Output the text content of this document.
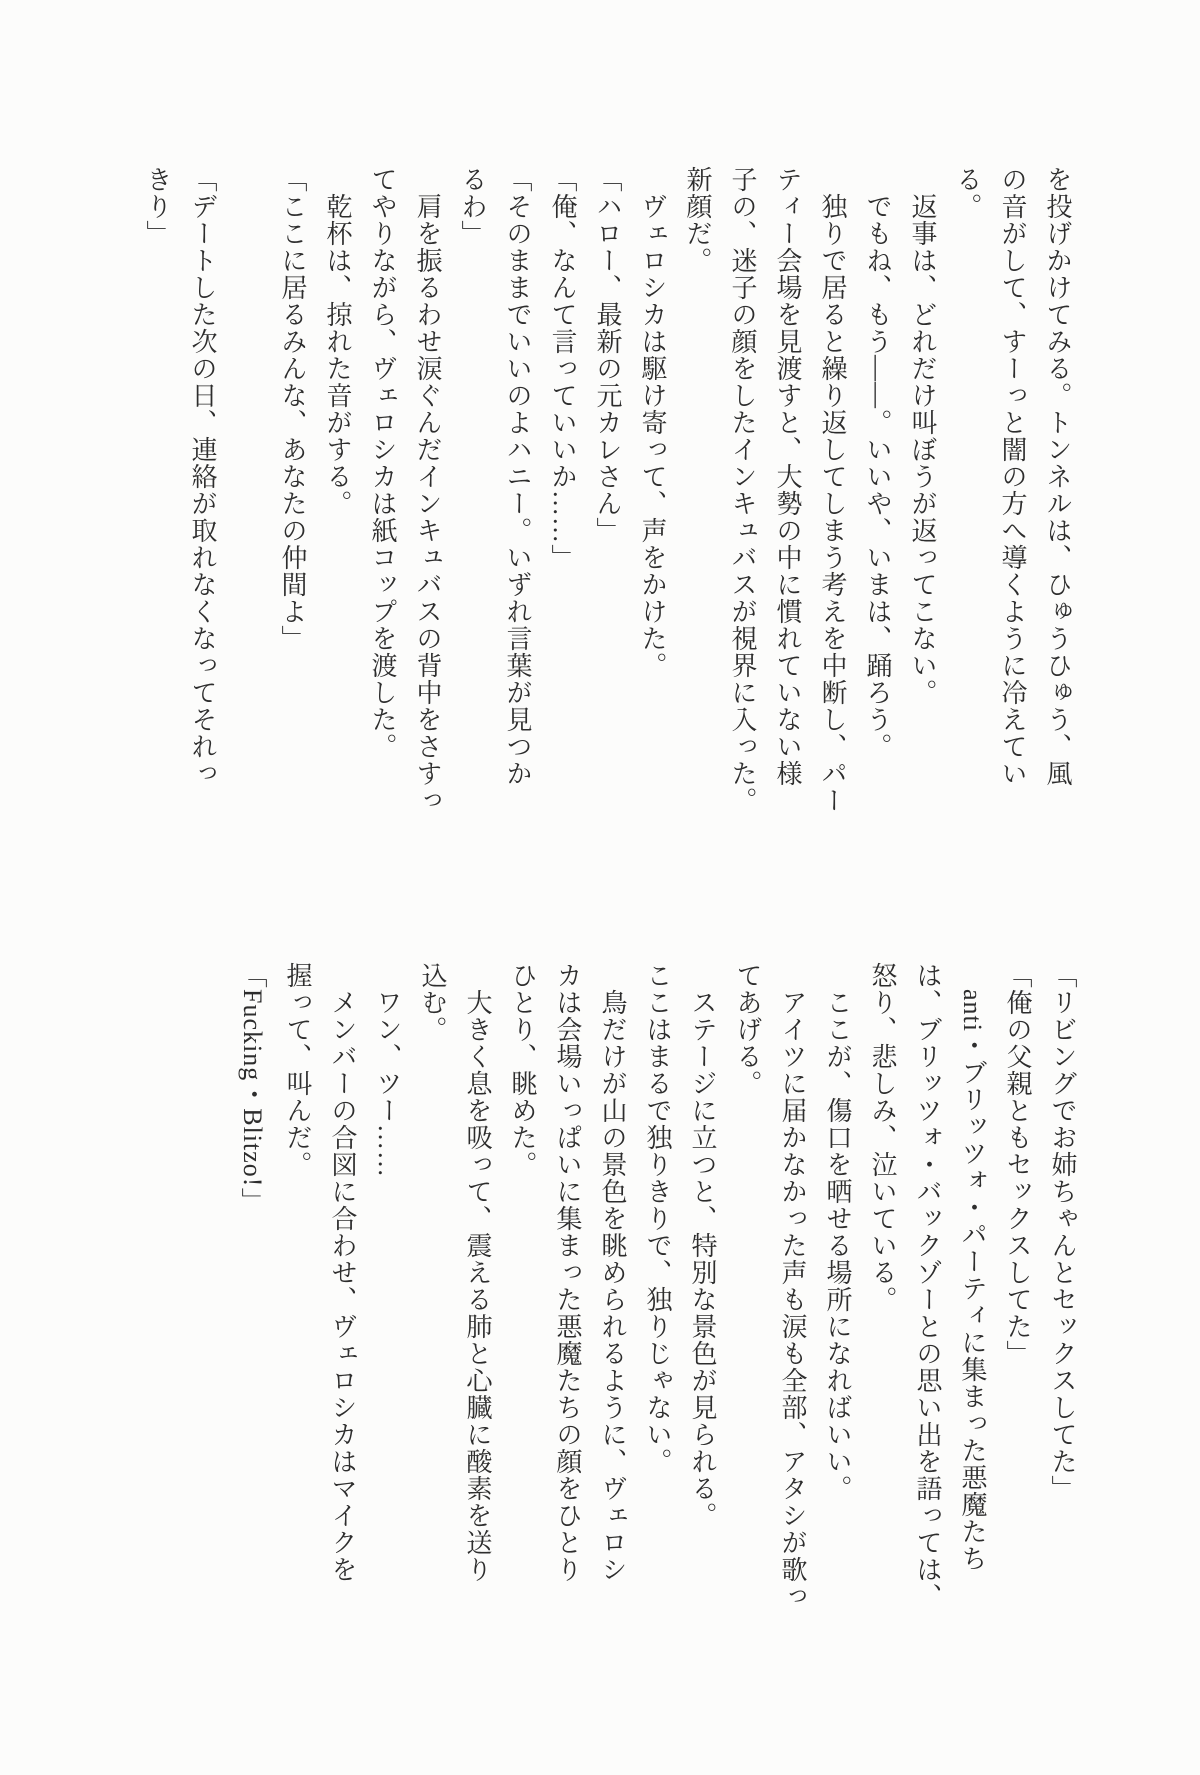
を投げかけてみる。トンネルは、ひゅうひゅう、風

の音がして、すーっと闇の方へ導くように冷えてい

る。

　返事は、どれだけ叫ぼうが返ってこない。

　でもね、もう――。いいや、いまは、踊ろう。

　独りで居ると繰り返してしまう考えを中断し、パー

ティー会場を見渡すと、大勢の中に慣れていない様

子の、迷子の顔をしたインキュバスが視界に入った。

新顔だ。

　ヴェロシカは駆け寄って、声をかけた。

「ハロー、最新の元カレさん」

「俺、なんて言っていいか……」

「そのままでいいのよハニー。いずれ言葉が見つか

るわ」

　肩を振るわせ涙ぐんだインキュバスの背中をさすっ

てやりながら、ヴェロシカは紙コップを渡した。

　乾杯は、掠れた音がする。

「ここに居るみんな、あなたの仲間よ」

「デートした次の日、連絡が取れなくなってそれっ

きり」

「リビングでお姉ちゃんとセックスしてた」

「俺の父親ともセックスしてた」

　anti・ブリッツォ・パーティに集まった悪魔たち

は、ブリッツォ・バックゾーとの思い出を語っては、

怒り、悲しみ、泣いている。

　ここが、傷口を晒せる場所になればいい。

　アイツに届かなかった声も涙も全部、アタシが歌っ

てあげる。

　ステージに立つと、特別な景色が見られる。

ここはまるで独りきりで、独りじゃない。

　鳥だけが山の景色を眺められるように、ヴェロシ

カは会場いっぱいに集まった悪魔たちの顔をひとり

ひとり、眺めた。

　大きく息を吸って、震える肺と心臓に酸素を送り

込む。

　ワン、ツー……

　メンバーの合図に合わせ、ヴェロシカはマイクを

握って、叫んだ。

「Fucking・Blitzo!」
